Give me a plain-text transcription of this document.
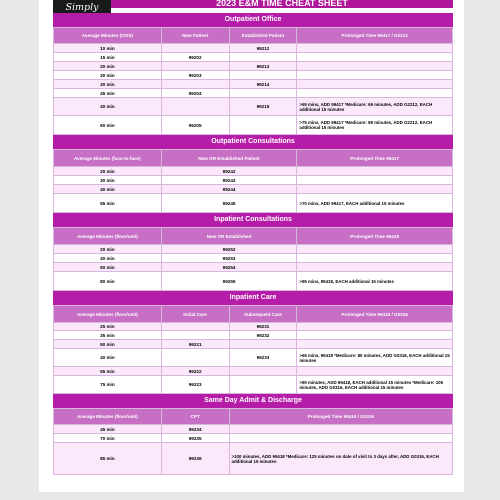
Simply	2023 E&M TIME CHEAT SHEET
Outpatient Office
Average Minutes (OOS)	New Patient	Established Patient	Prolonged Time 99417 / G2212
10 min		99212	
15 min	99202		
20 min		99213	
30 min	99203		
30 min		99214	
45 min	99204		
40 min		99215	>55 mins, ADD 99417 *Medicare: 69 minutes, ADD G2212, EACH additional 15 minutes
60 min	99205		>75 mins, ADD 99417 *Medicare: 89 minutes, ADD G2212, EACH additional 15 minutes
Outpatient Consultations
Average Minutes (face-to-face)	New OR Established Patient	Prolonged Time 99417
20 min	99242	
30 min	99243	
40 min	99244	
55 min	99245	>70 mins, ADD 99417, EACH additional 15 minutes
Inpatient Consultations
Average Minutes (floor/unit)	New OR Established	Prolonged Time 99418
20 min	99252	
40 min	99253	
60 min	99254	
80 min	99255	>95 mins, 99418, EACH additional 15 minutes
Inpatient Care
Average Minutes (floor/unit)	Initial Care	Subsequent Care	Prolonged Time 99418 / G0316
25 min		99231	
35 min		99232	
50 min	99221		
40 min		99233	>65 mins, 99418 *Medicare: 80 minutes, ADD G0316, EACH additional 15 minutes
55 min	99222		
75 min	99223		>90 minutes, ADD 99418, EACH additional 15 minutes *Medicare: 105 minutes, ADD G0316, EACH additional 15 minutes
Same Day Admit & Discharge
Average Minutes (floor/unit)	CPT	Prolonged Time 99418 / G0316
45 min	99234	
70 min	99235	
85 min	99236	>100 minutes, ADD 99418 *Medicare: 125 minutes on date of visit to 3 days after, ADD G0316, EACH additional 15 minutes
